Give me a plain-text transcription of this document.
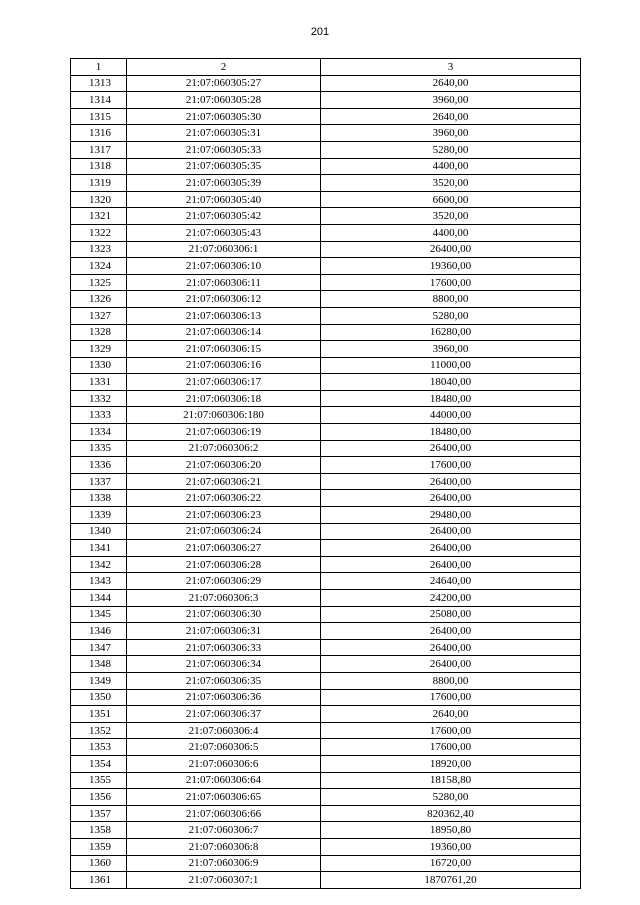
201
1	2	3
1313	21:07:060305:27	2640,00
1314	21:07:060305:28	3960,00
1315	21:07:060305:30	2640,00
1316	21:07:060305:31	3960,00
1317	21:07:060305:33	5280,00
1318	21:07:060305:35	4400,00
1319	21:07:060305:39	3520,00
1320	21:07:060305:40	6600,00
1321	21:07:060305:42	3520,00
1322	21:07:060305:43	4400,00
1323	21:07:060306:1	26400,00
1324	21:07:060306:10	19360,00
1325	21:07:060306:11	17600,00
1326	21:07:060306:12	8800,00
1327	21:07:060306:13	5280,00
1328	21:07:060306:14	16280,00
1329	21:07:060306:15	3960,00
1330	21:07:060306:16	11000,00
1331	21:07:060306:17	18040,00
1332	21:07:060306:18	18480,00
1333	21:07:060306:180	44000,00
1334	21:07:060306:19	18480,00
1335	21:07:060306:2	26400,00
1336	21:07:060306:20	17600,00
1337	21:07:060306:21	26400,00
1338	21:07:060306:22	26400,00
1339	21:07:060306:23	29480,00
1340	21:07:060306:24	26400,00
1341	21:07:060306:27	26400,00
1342	21:07:060306:28	26400,00
1343	21:07:060306:29	24640,00
1344	21:07:060306:3	24200,00
1345	21:07:060306:30	25080,00
1346	21:07:060306:31	26400,00
1347	21:07:060306:33	26400,00
1348	21:07:060306:34	26400,00
1349	21:07:060306:35	8800,00
1350	21:07:060306:36	17600,00
1351	21:07:060306:37	2640,00
1352	21:07:060306:4	17600,00
1353	21:07:060306:5	17600,00
1354	21:07:060306:6	18920,00
1355	21:07:060306:64	18158,80
1356	21:07:060306:65	5280,00
1357	21:07:060306:66	820362,40
1358	21:07:060306:7	18950,80
1359	21:07:060306:8	19360,00
1360	21:07:060306:9	16720,00
1361	21:07:060307:1	1870761,20
